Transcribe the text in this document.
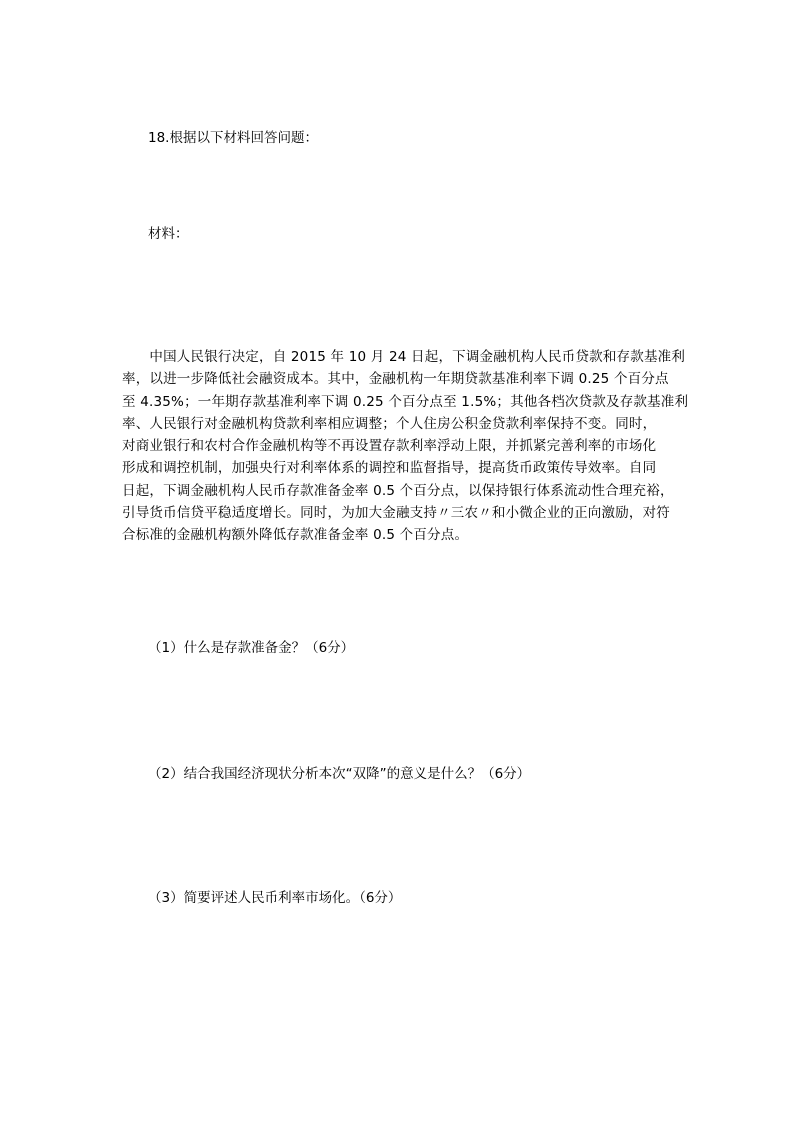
18.根据以下材料回答问题：
材料：
　　中国人民银行决定，自 2015 年 10 月 24 日起，下调金融机构人民币贷款和存款基准利
率，以进一步降低社会融资成本。其中，金融机构一年期贷款基准利率下调 0.25 个百分点
至 4.35%；一年期存款基准利率下调 0.25 个百分点至 1.5%；其他各档次贷款及存款基准利
率、人民银行对金融机构贷款利率相应调整；个人住房公积金贷款利率保持不变。同时，
对商业银行和农村合作金融机构等不再设置存款利率浮动上限，并抓紧完善利率的市场化
形成和调控机制，加强央行对利率体系的调控和监督指导，提高货币政策传导效率。自同
日起，下调金融机构人民币存款准备金率 0.5 个百分点，以保持银行体系流动性合理充裕，
引导货币信贷平稳适度增长。同时，为加大金融支持〃三农〃和小微企业的正向激励，对符
合标准的金融机构额外降低存款准备金率 0.5 个百分点。
（1）什么是存款准备金？（6分）
（2）结合我国经济现状分析本次“双降”的意义是什么？（6分）
（3）简要评述人民币利率市场化。（6分）
